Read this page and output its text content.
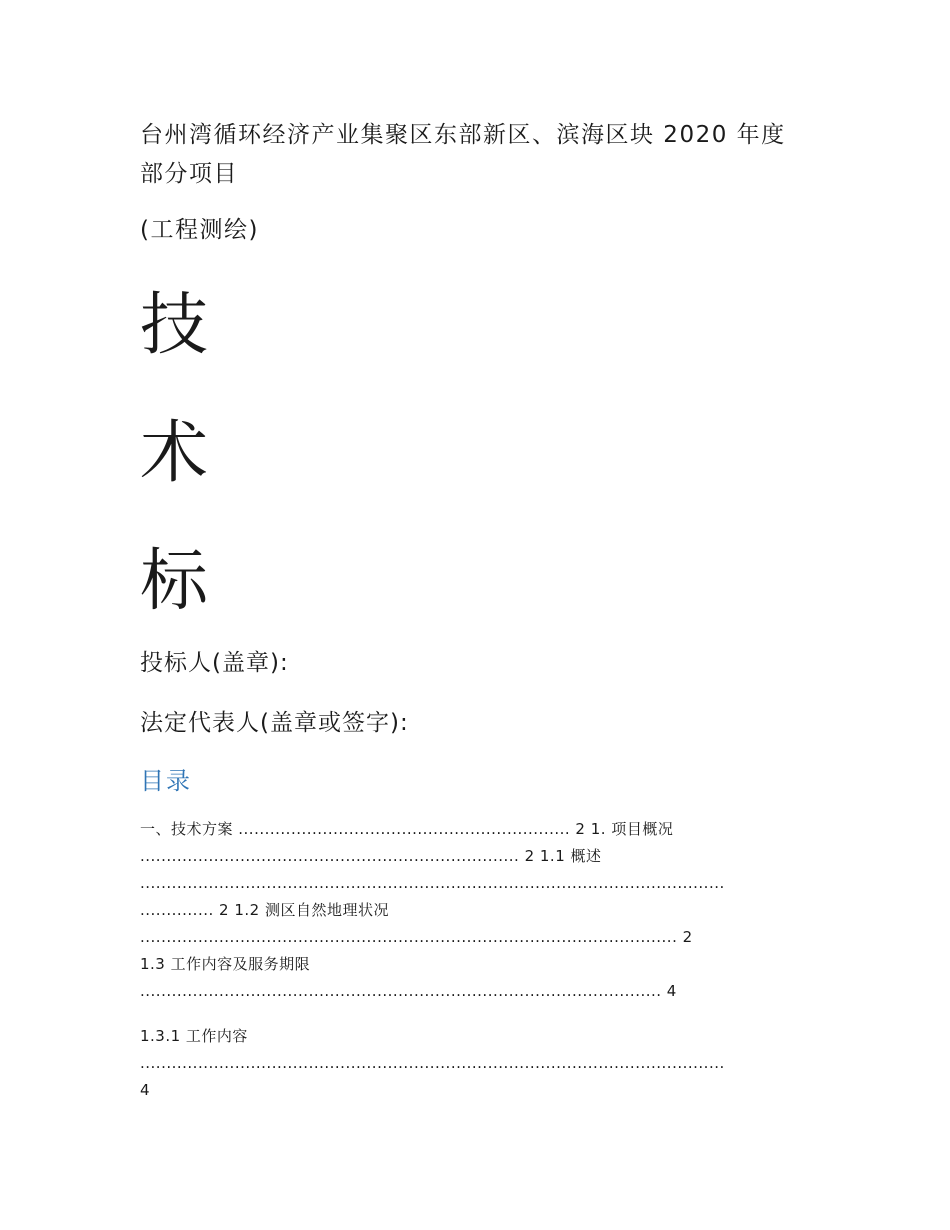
台州湾循环经济产业集聚区东部新区、滨海区块 2020 年度部分项目
(工程测绘)
技
术
标
投标人(盖章):
法定代表人(盖章或签字):
目录
一、技术方案 ............................................................... 2 1. 项目概况
........................................................................ 2 1.1 概述
...............................................................................................................
.............. 2 1.2 测区自然地理状况
...................................................................................................... 2
1.3 工作内容及服务期限
................................................................................................... 4
1.3.1 工作内容
...............................................................................................................
4
